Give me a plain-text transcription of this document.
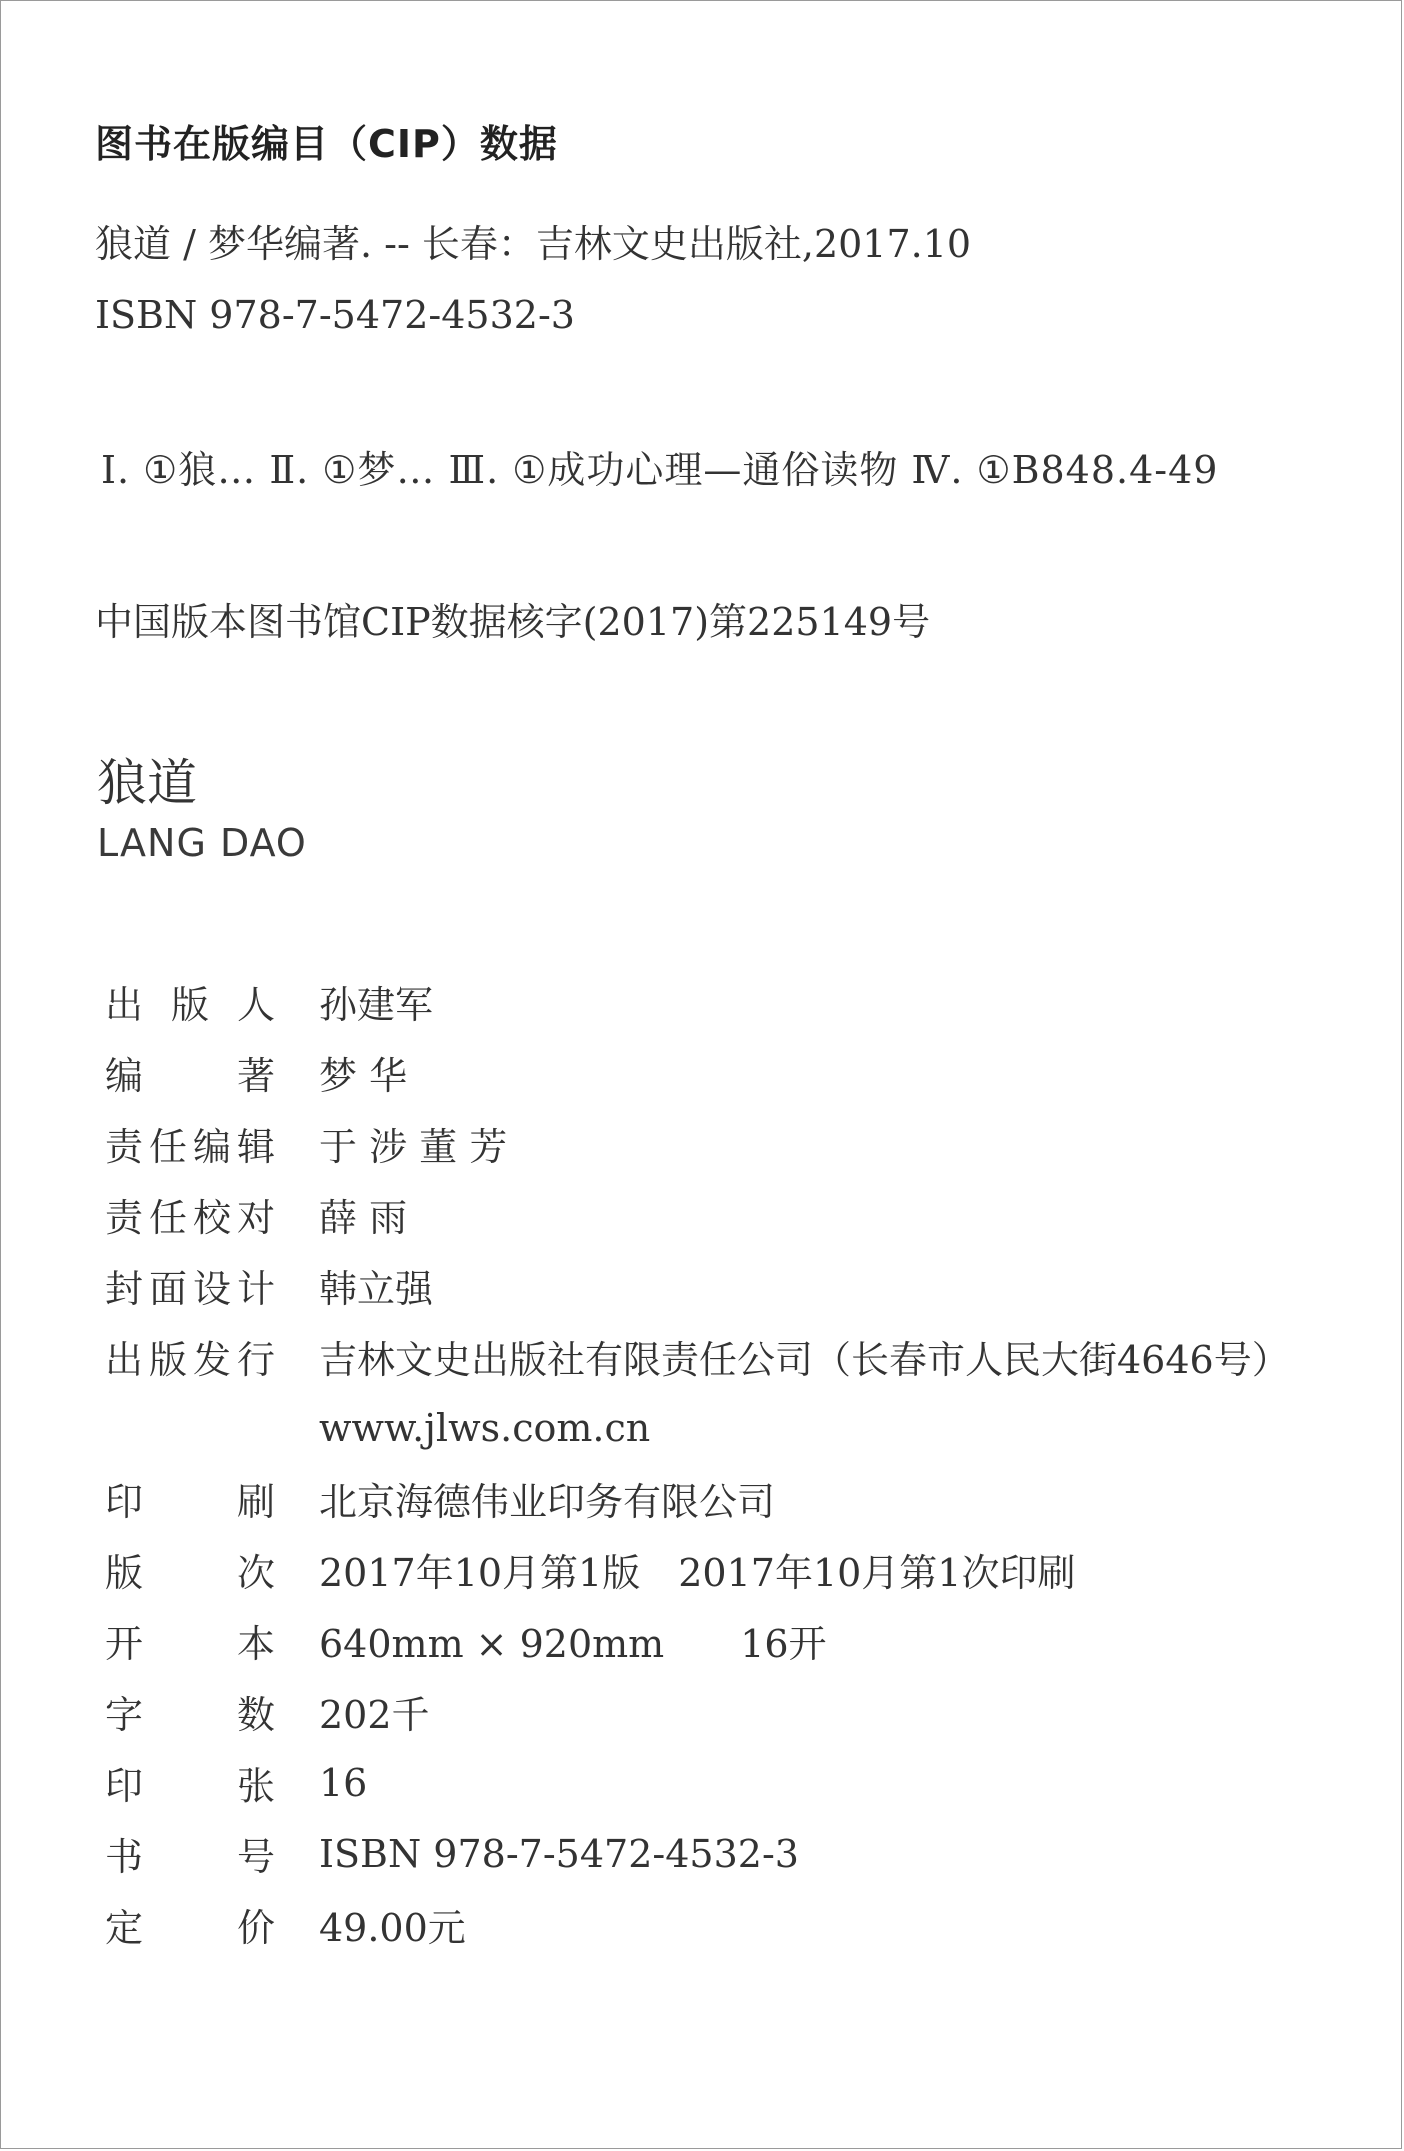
图书在版编目（CIP）数据
狼道 / 梦华编著. -- 长春：吉林文史出版社,2017.10
ISBN 978-7-5472-4532-3
Ⅰ. ①狼… Ⅱ. ①梦… Ⅲ. ①成功心理—通俗读物 Ⅳ. ①B848.4-49
中国版本图书馆CIP数据核字(2017)第225149号
狼道
LANG DAO
出 版 人 孙建军
编 著 梦 华
责 任 编 辑 于 涉 董 芳
责 任 校 对 薛 雨
封 面 设 计 韩立强
出 版 发 行 吉林文史出版社有限责任公司（长春市人民大街4646号）
www.jlws.com.cn
印 刷 北京海德伟业印务有限公司
版 次 2017年10月第1版　2017年10月第1次印刷
开 本 640mm × 920mm　　16开
字 数 202千
印 张 16
书 号 ISBN 978-7-5472-4532-3
定 价 49.00元
